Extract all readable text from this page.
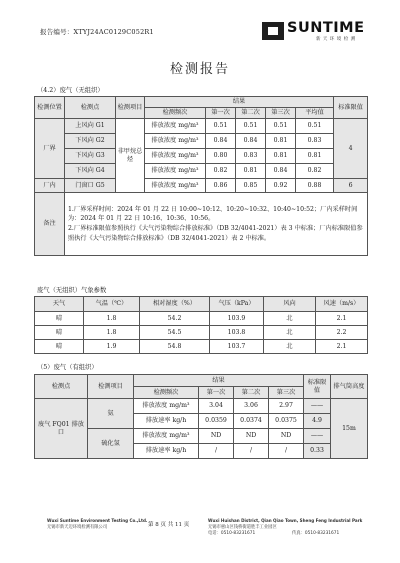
报告编号：XTYJ24AC0129C052R1	SUNTIME
新 天 环 境 检 测
检测报告
（4.2）废气（无组织）
检测位置	检测点	检测项目	结果					标准限值
			检测频次	第一次	第二次	第三次	平均值	
厂界	上风向 G1	非甲烷总烃	排放浓度 mg/m³	0.51	0.51	0.51	0.51	4
	下风向 G2		排放浓度 mg/m³	0.84	0.84	0.81	0.83	
	下风向 G3		排放浓度 mg/m³	0.80	0.83	0.81	0.81	
	下风向 G4		排放浓度 mg/m³	0.82	0.81	0.84	0.82	
厂内	门窗口 G5		排放浓度 mg/m³	0.86	0.85	0.92	0.88	6
备注	1.厂界采样时间：2024 年 01 月 22 日 10:00~10:12、10:20~10:32、10:40~10:52；厂内采样时间为：2024 年 01 月 22 日 10:16、10:36、10:56。
2.厂界标准限值参照执行《大气污染物综合排放标准》（DB 32/4041-2021）表 3 中标准；厂内标准限值参照执行《大气污染物综合排放标准》（DB 32/4041-2021）表 2 中标准。							
废气（无组织）气象参数
天气	气温（℃）	相对湿度（%）	气压（kPa）	风向	风速（m/s）
晴	1.8	54.2	103.9	北	2.1
晴	1.8	54.5	103.8	北	2.2
晴	1.9	54.8	103.7	北	2.1
（5）废气（有组织）
检测点	检测项目	结果				标准限值	排气筒高度
		检测频次	第一次	第二次	第三次		
废气 FQ01 排放口	氨	排放浓度 mg/m³	3.04	3.06	2.97	——	15m
		排放速率 kg/h	0.0359	0.0374	0.0375	4.9	
	硫化氢	排放浓度 mg/m³	ND	ND	ND	——	
		排放速率 kg/h	/	/	/	0.33	
Wuxi Suntime Environment Testing Co.,Ltd.
无锡市新天迈环境检测有限公司	第 8 页 共 11 页
Wuxi Huishan District, Qian Qiao Town, Sheng Feng Industrial Park
无锡市惠山区钱桥街道胜丰工业园区
电话：0510-83231671	传真：0510-83231671
